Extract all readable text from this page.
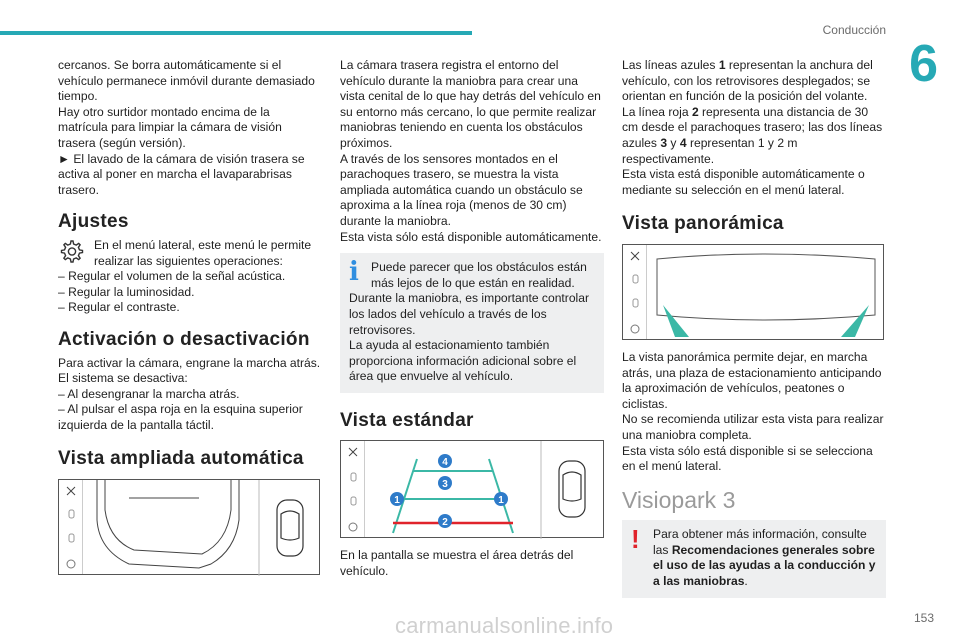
Conducción
6
cercanos. Se borra automáticamente si el vehículo permanece inmóvil durante demasiado tiempo.
Hay otro surtidor montado encima de la matrícula para limpiar la cámara de visión trasera (según versión).
► El lavado de la cámara de visión trasera se activa al poner en marcha el lavaparabrisas trasero.
Ajustes
En el menú lateral, este menú le permite realizar las siguientes operaciones:
– Regular el volumen de la señal acústica.
– Regular la luminosidad.
– Regular el contraste.
Activación o desactivación
Para activar la cámara, engrane la marcha atrás.
El sistema se desactiva:
– Al desengranar la marcha atrás.
– Al pulsar el aspa roja en la esquina superior izquierda de la pantalla táctil.
Vista ampliada automática
La cámara trasera registra el entorno del vehículo durante la maniobra para crear una vista cenital de lo que hay detrás del vehículo en su entorno más cercano, lo que permite realizar maniobras teniendo en cuenta los obstáculos próximos.
A través de los sensores montados en el parachoques trasero, se muestra la vista ampliada automática cuando un obstáculo se aproxima a la línea roja (menos de 30 cm) durante la maniobra.
Esta vista sólo está disponible automáticamente.
i	Puede parecer que los obstáculos están más lejos de lo que están en realidad.
Durante la maniobra, es importante controlar los lados del vehículo a través de los retrovisores.
La ayuda al estacionamiento también proporciona información adicional sobre el área que envuelve al vehículo.
Vista estándar
4
3
1	1
2
En la pantalla se muestra el área detrás del vehículo.
Las líneas azules 1 representan la anchura del vehículo, con los retrovisores desplegados; se orientan en función de la posición del volante.
La línea roja 2 representa una distancia de 30 cm desde el parachoques trasero; las dos líneas azules 3 y 4 representan 1 y 2 m respectivamente.
Esta vista está disponible automáticamente o mediante su selección en el menú lateral.
Vista panorámica
La vista panorámica permite dejar, en marcha atrás, una plaza de estacionamiento anticipando la aproximación de vehículos, peatones o ciclistas.
No se recomienda utilizar esta vista para realizar una maniobra completa.
Esta vista sólo está disponible si se selecciona en el menú lateral.
Visiopark 3
!	Para obtener más información, consulte las Recomendaciones generales sobre el uso de las ayudas a la conducción y a las maniobras.
carmanualsonline.info	153
